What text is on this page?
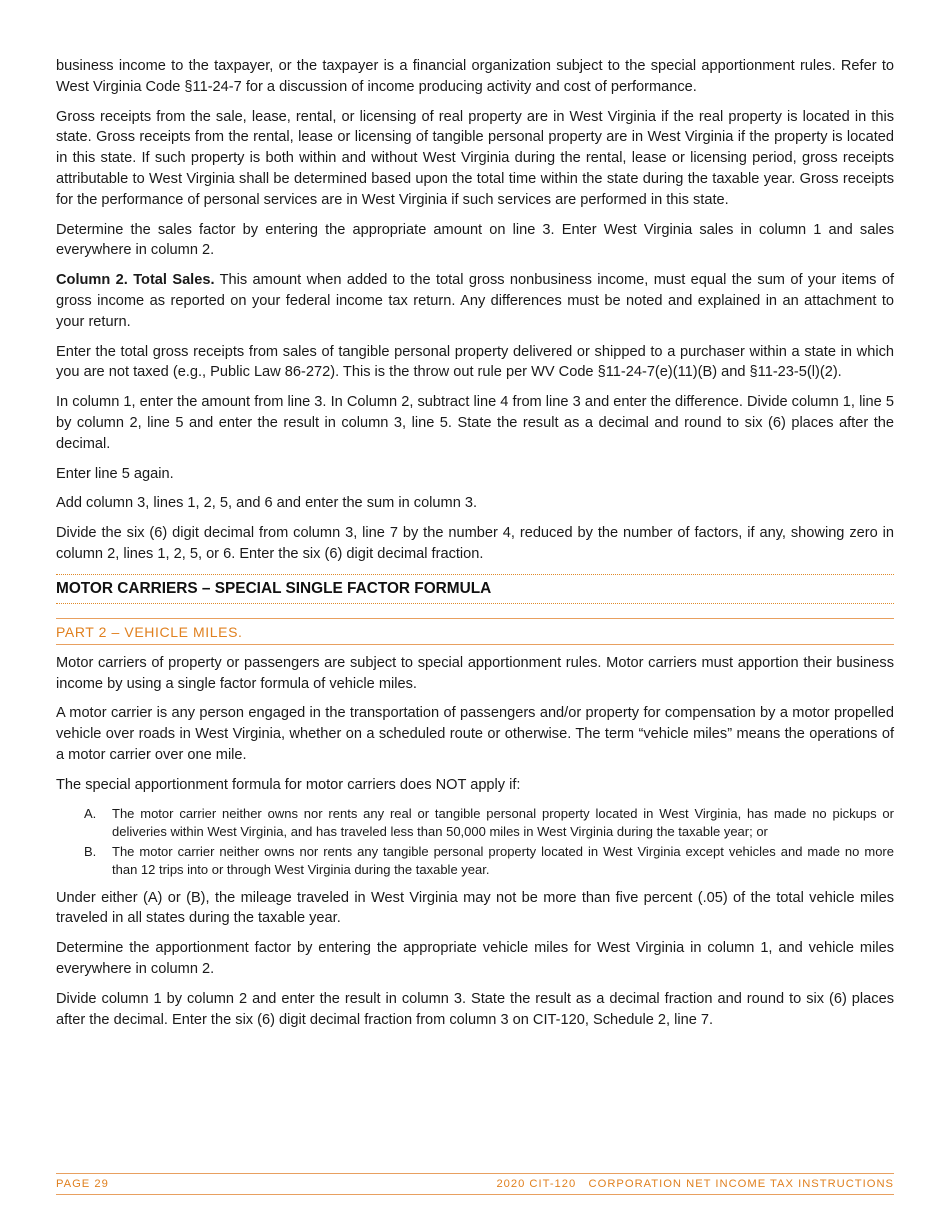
business income to the taxpayer, or the taxpayer is a financial organization subject to the special apportionment rules. Refer to West Virginia Code §11-24-7 for a discussion of income producing activity and cost of performance.

Gross receipts from the sale, lease, rental, or licensing of real property are in West Virginia if the real property is located in this state. Gross receipts from the rental, lease or licensing of tangible personal property are in West Virginia if the property is located in this state. If such property is both within and without West Virginia during the rental, lease or licensing period, gross receipts attributable to West Virginia shall be determined based upon the total time within the state during the taxable year. Gross receipts for the performance of personal services are in West Virginia if such services are performed in this state.

Determine the sales factor by entering the appropriate amount on line 3. Enter West Virginia sales in column 1 and sales everywhere in column 2.

Column 2. Total Sales. This amount when added to the total gross nonbusiness income, must equal the sum of your items of gross income as reported on your federal income tax return. Any differences must be noted and explained in an attachment to your return.

Enter the total gross receipts from sales of tangible personal property delivered or shipped to a purchaser within a state in which you are not taxed (e.g., Public Law 86-272). This is the throw out rule per WV Code §11-24-7(e)(11)(B) and §11-23-5(l)(2).

In column 1, enter the amount from line 3. In Column 2, subtract line 4 from line 3 and enter the difference. Divide column 1, line 5 by column 2, line 5 and enter the result in column 3, line 5. State the result as a decimal and round to six (6) places after the decimal.

Enter line 5 again.

Add column 3, lines 1, 2, 5, and 6 and enter the sum in column 3.

Divide the six (6) digit decimal from column 3, line 7 by the number 4, reduced by the number of factors, if any, showing zero in column 2, lines 1, 2, 5, or 6. Enter the six (6) digit decimal fraction.

MOTOR CARRIERS – SPECIAL SINGLE FACTOR FORMULA
PART 2 – VEHICLE MILES.

Motor carriers of property or passengers are subject to special apportionment rules. Motor carriers must apportion their business income by using a single factor formula of vehicle miles.

A motor carrier is any person engaged in the transportation of passengers and/or property for compensation by a motor propelled vehicle over roads in West Virginia, whether on a scheduled route or otherwise. The term “vehicle miles” means the operations of a motor carrier over one mile.

The special apportionment formula for motor carriers does NOT apply if:

A.	The motor carrier neither owns nor rents any real or tangible personal property located in West Virginia, has made no pickups or deliveries within West Virginia, and has traveled less than 50,000 miles in West Virginia during the taxable year; or
B.	The motor carrier neither owns nor rents any tangible personal property located in West Virginia except vehicles and made no more than 12 trips into or through West Virginia during the taxable year.

Under either (A) or (B), the mileage traveled in West Virginia may not be more than five percent (.05) of the total vehicle miles traveled in all states during the taxable year.

Determine the apportionment factor by entering the appropriate vehicle miles for West Virginia in column 1, and vehicle miles everywhere in column 2.

Divide column 1 by column 2 and enter the result in column 3. State the result as a decimal fraction and round to six (6) places after the decimal. Enter the six (6) digit decimal fraction from column 3 on CIT-120, Schedule 2, line 7.

PAGE 29	2020 CIT-120   CORPORATION NET INCOME TAX INSTRUCTIONS
